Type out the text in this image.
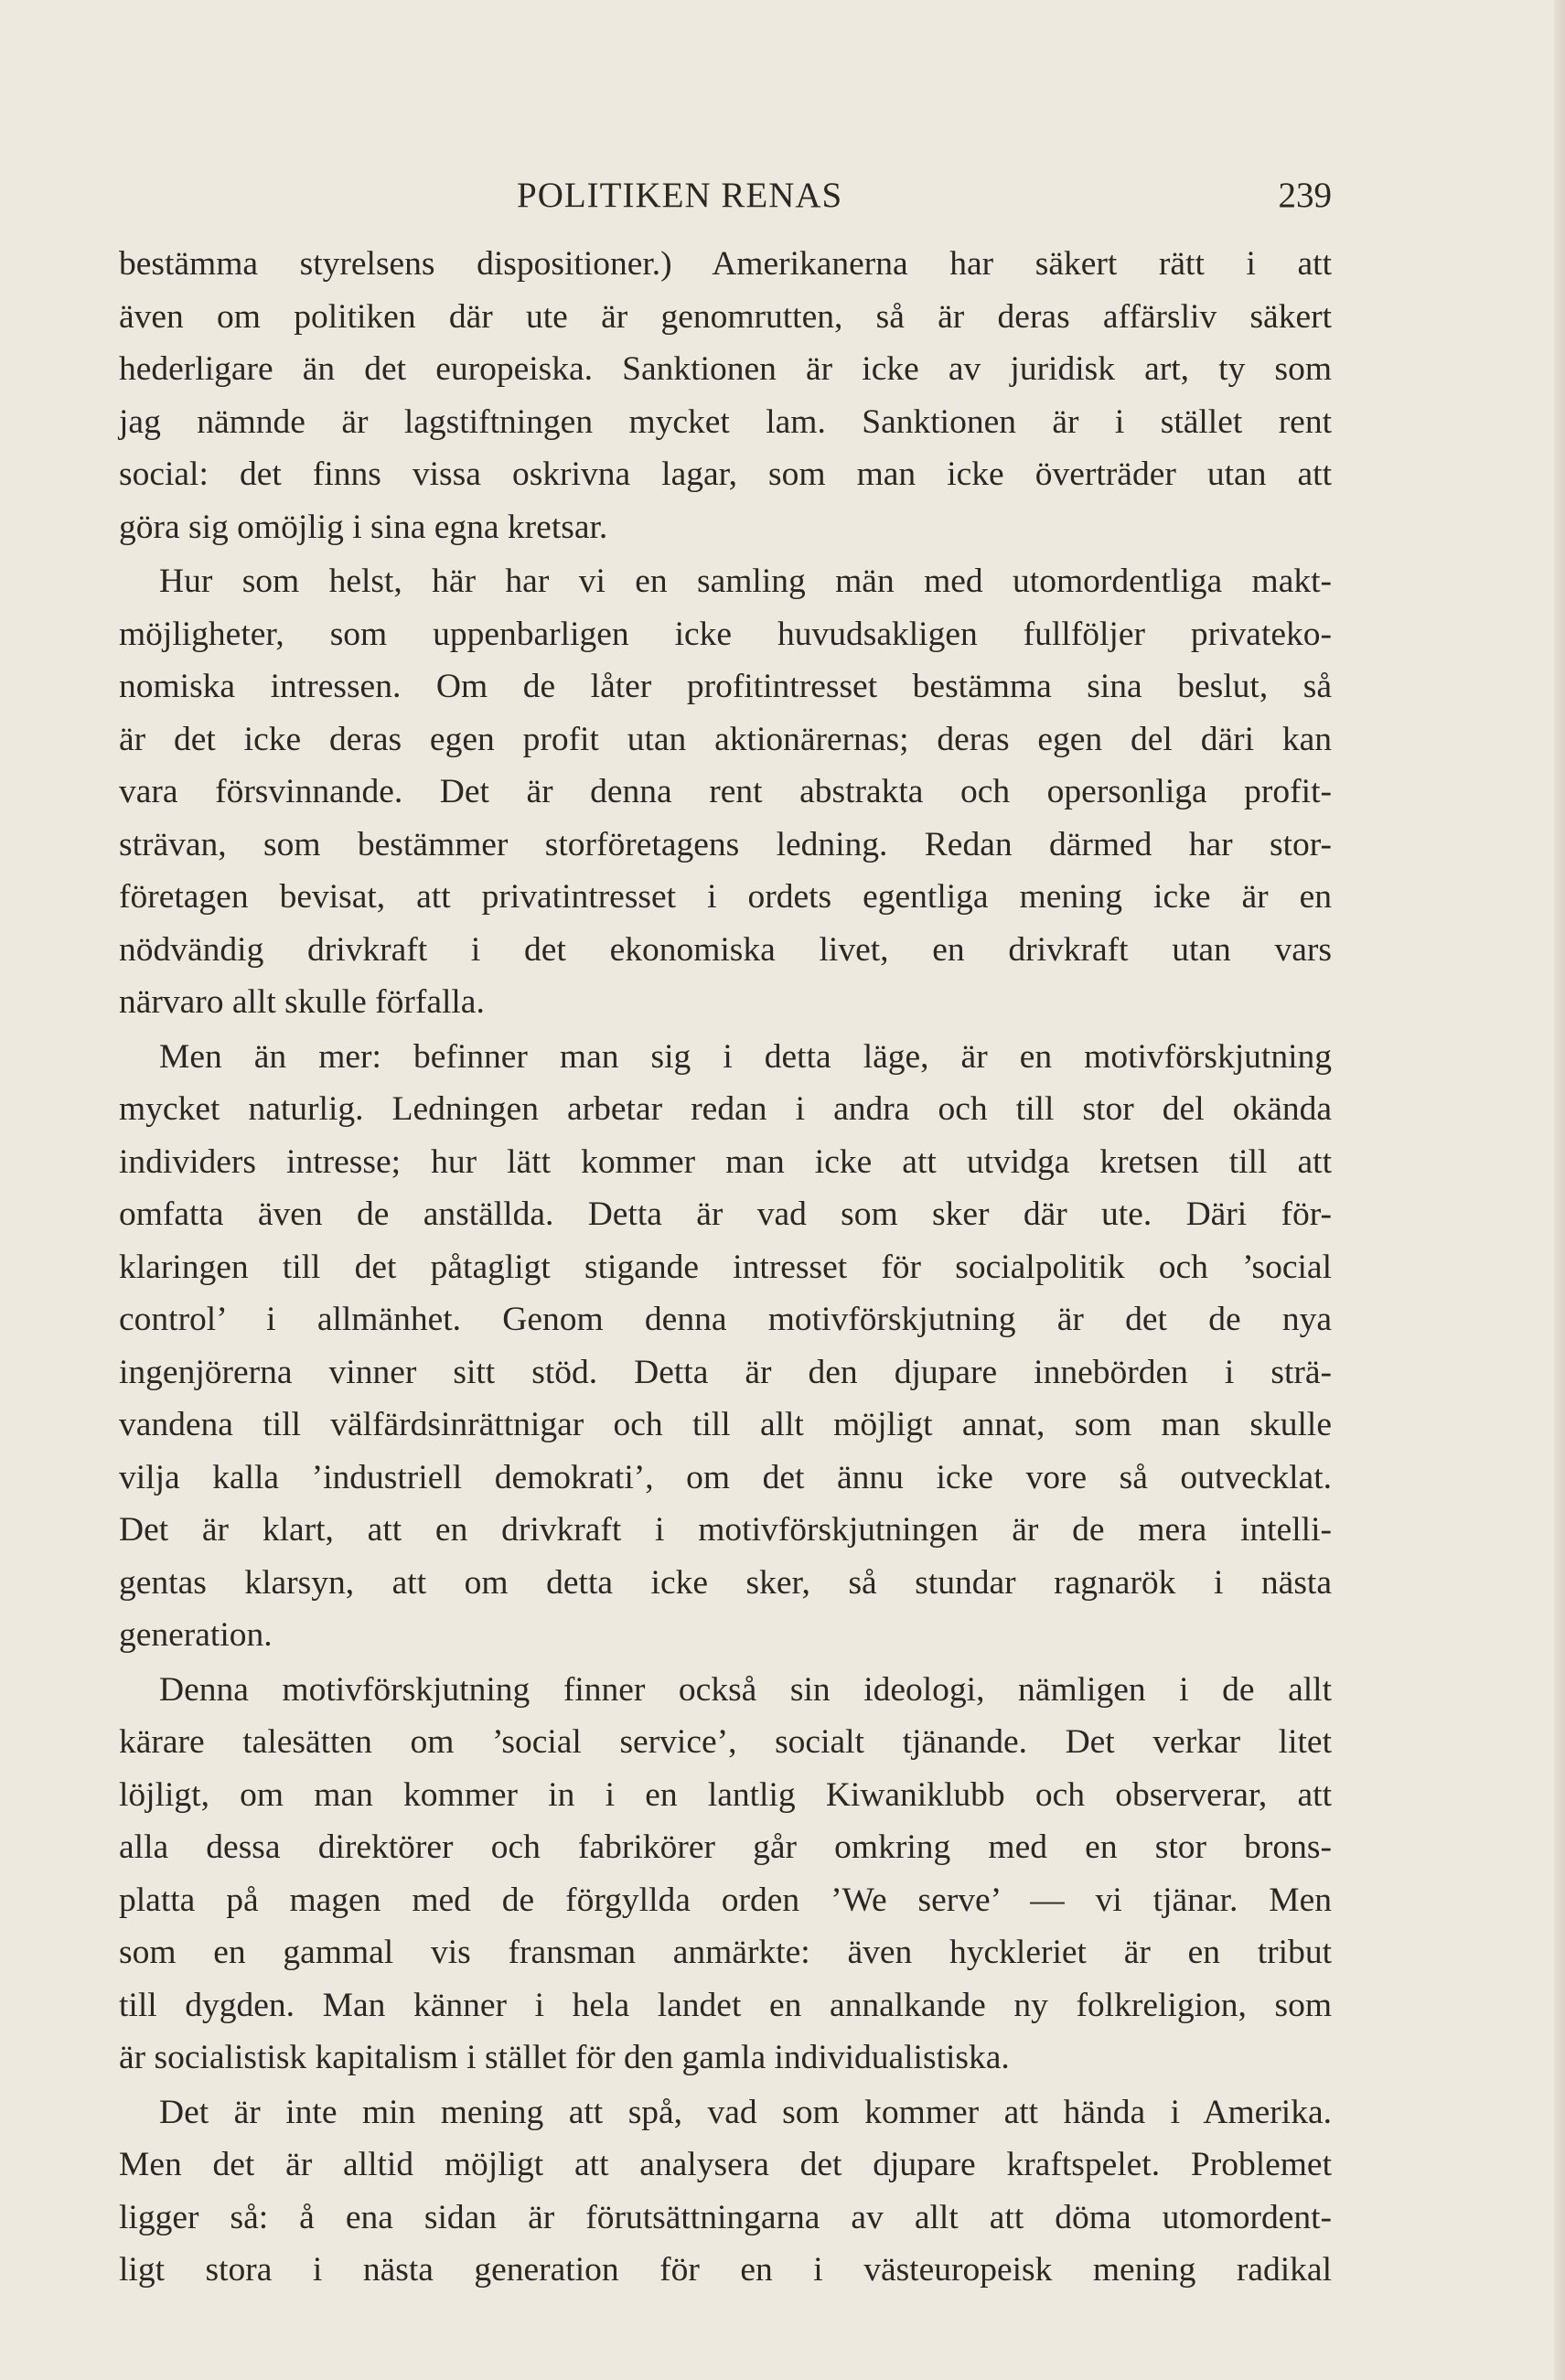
POLITIKEN RENAS	239
bestämma styrelsens dispositioner.) Amerikanerna har säkert rätt i att
även om politiken där ute är genomrutten, så är deras affärsliv säkert
hederligare än det europeiska. Sanktionen är icke av juridisk art, ty som
jag nämnde är lagstiftningen mycket lam. Sanktionen är i stället rent
social: det finns vissa oskrivna lagar, som man icke överträder utan att
göra sig omöjlig i sina egna kretsar.
Hur som helst, här har vi en samling män med utomordentliga makt-
möjligheter, som uppenbarligen icke huvudsakligen fullföljer privateko-
nomiska intressen. Om de låter profitintresset bestämma sina beslut, så
är det icke deras egen profit utan aktionärernas; deras egen del däri kan
vara försvinnande. Det är denna rent abstrakta och opersonliga profit-
strävan, som bestämmer storföretagens ledning. Redan därmed har stor-
företagen bevisat, att privatintresset i ordets egentliga mening icke är en
nödvändig drivkraft i det ekonomiska livet, en drivkraft utan vars
närvaro allt skulle förfalla.
Men än mer: befinner man sig i detta läge, är en motivförskjutning
mycket naturlig. Ledningen arbetar redan i andra och till stor del okända
individers intresse; hur lätt kommer man icke att utvidga kretsen till att
omfatta även de anställda. Detta är vad som sker där ute. Däri för-
klaringen till det påtagligt stigande intresset för socialpolitik och ’social
control’ i allmänhet. Genom denna motivförskjutning är det de nya
ingenjörerna vinner sitt stöd. Detta är den djupare innebörden i strä-
vandena till välfärdsinrättnigar och till allt möjligt annat, som man skulle
vilja kalla ’industriell demokrati’, om det ännu icke vore så outvecklat.
Det är klart, att en drivkraft i motivförskjutningen är de mera intelli-
gentas klarsyn, att om detta icke sker, så stundar ragnarök i nästa
generation.
Denna motivförskjutning finner också sin ideologi, nämligen i de allt
kärare talesätten om ’social service’, socialt tjänande. Det verkar litet
löjligt, om man kommer in i en lantlig Kiwaniklubb och observerar, att
alla dessa direktörer och fabrikörer går omkring med en stor brons-
platta på magen med de förgyllda orden ’We serve’ — vi tjänar. Men
som en gammal vis fransman anmärkte: även hyckleriet är en tribut
till dygden. Man känner i hela landet en annalkande ny folkreligion, som
är socialistisk kapitalism i stället för den gamla individualistiska.
Det är inte min mening att spå, vad som kommer att hända i Amerika.
Men det är alltid möjligt att analysera det djupare kraftspelet. Problemet
ligger så: å ena sidan är förutsättningarna av allt att döma utomordent-
ligt stora i nästa generation för en i västeuropeisk mening radikal
